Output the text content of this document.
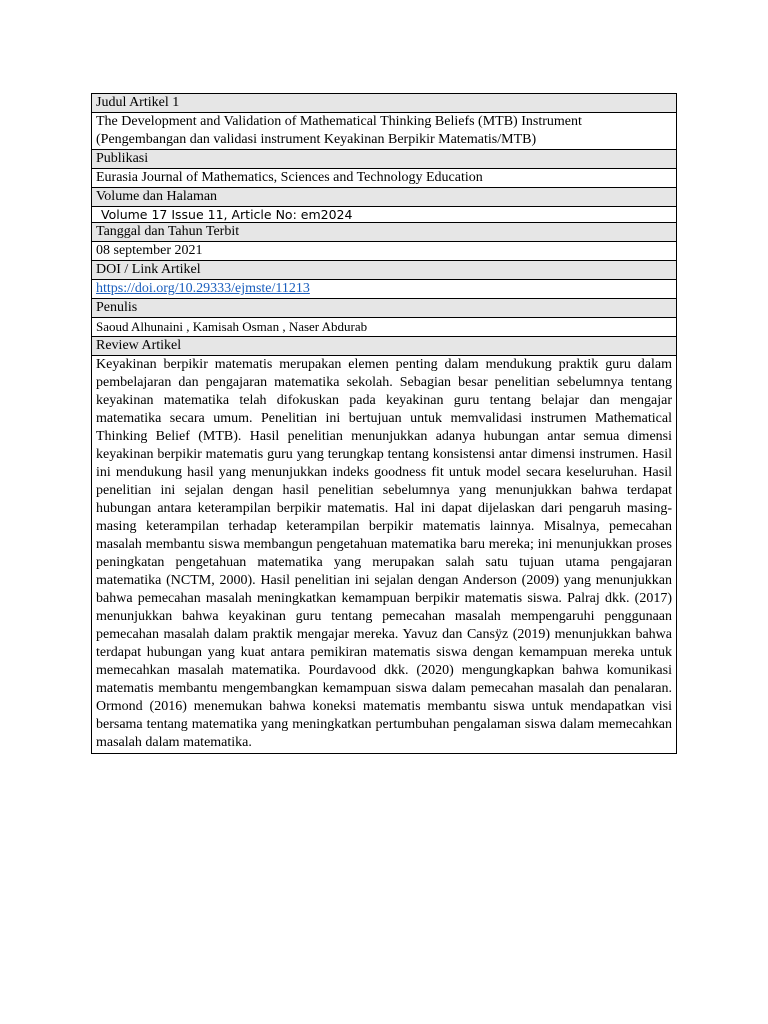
Judul Artikel 1

The Development and Validation of Mathematical Thinking Beliefs (MTB) Instrument
(Pengembangan dan validasi instrument Keyakinan Berpikir Matematis/MTB)

Publikasi
Eurasia Journal of Mathematics, Sciences and Technology Education
Volume dan Halaman
Volume 17 Issue 11, Article No: em2024
Tanggal dan Tahun Terbit
08 september 2021
DOI / Link Artikel
https://doi.org/10.29333/ejmste/11213
Penulis
Saoud Alhunaini , Kamisah Osman , Naser Abdurab
Review Artikel
Keyakinan berpikir matematis merupakan elemen penting dalam mendukung praktik guru dalam pembelajaran dan pengajaran matematika sekolah. Sebagian besar penelitian sebelumnya tentang keyakinan matematika telah difokuskan pada keyakinan guru tentang belajar dan mengajar matematika secara umum. Penelitian ini bertujuan untuk memvalidasi instrumen Mathematical Thinking Belief (MTB). Hasil penelitian menunjukkan adanya hubungan antar semua dimensi keyakinan berpikir matematis guru yang terungkap tentang konsistensi antar dimensi instrumen. Hasil ini mendukung hasil yang menunjukkan indeks goodness fit untuk model secara keseluruhan. Hasil penelitian ini sejalan dengan hasil penelitian sebelumnya yang menunjukkan bahwa terdapat hubungan antara keterampilan berpikir matematis. Hal ini dapat dijelaskan dari pengaruh masing-masing keterampilan terhadap keterampilan berpikir matematis lainnya. Misalnya, pemecahan masalah membantu siswa membangun pengetahuan matematika baru mereka; ini menunjukkan proses peningkatan pengetahuan matematika yang merupakan salah satu tujuan utama pengajaran matematika (NCTM, 2000). Hasil penelitian ini sejalan dengan Anderson (2009) yang menunjukkan bahwa pemecahan masalah meningkatkan kemampuan berpikir matematis siswa. Palraj dkk. (2017) menunjukkan bahwa keyakinan guru tentang pemecahan masalah mempengaruhi penggunaan pemecahan masalah dalam praktik mengajar mereka. Yavuz dan Cansÿz (2019) menunjukkan bahwa terdapat hubungan yang kuat antara pemikiran matematis siswa dengan kemampuan mereka untuk memecahkan masalah matematika. Pourdavood dkk. (2020) mengungkapkan bahwa komunikasi matematis membantu mengembangkan kemampuan siswa dalam pemecahan masalah dan penalaran. Ormond (2016) menemukan bahwa koneksi matematis membantu siswa untuk mendapatkan visi bersama tentang matematika yang meningkatkan pertumbuhan pengalaman siswa dalam memecahkan masalah dalam matematika.
